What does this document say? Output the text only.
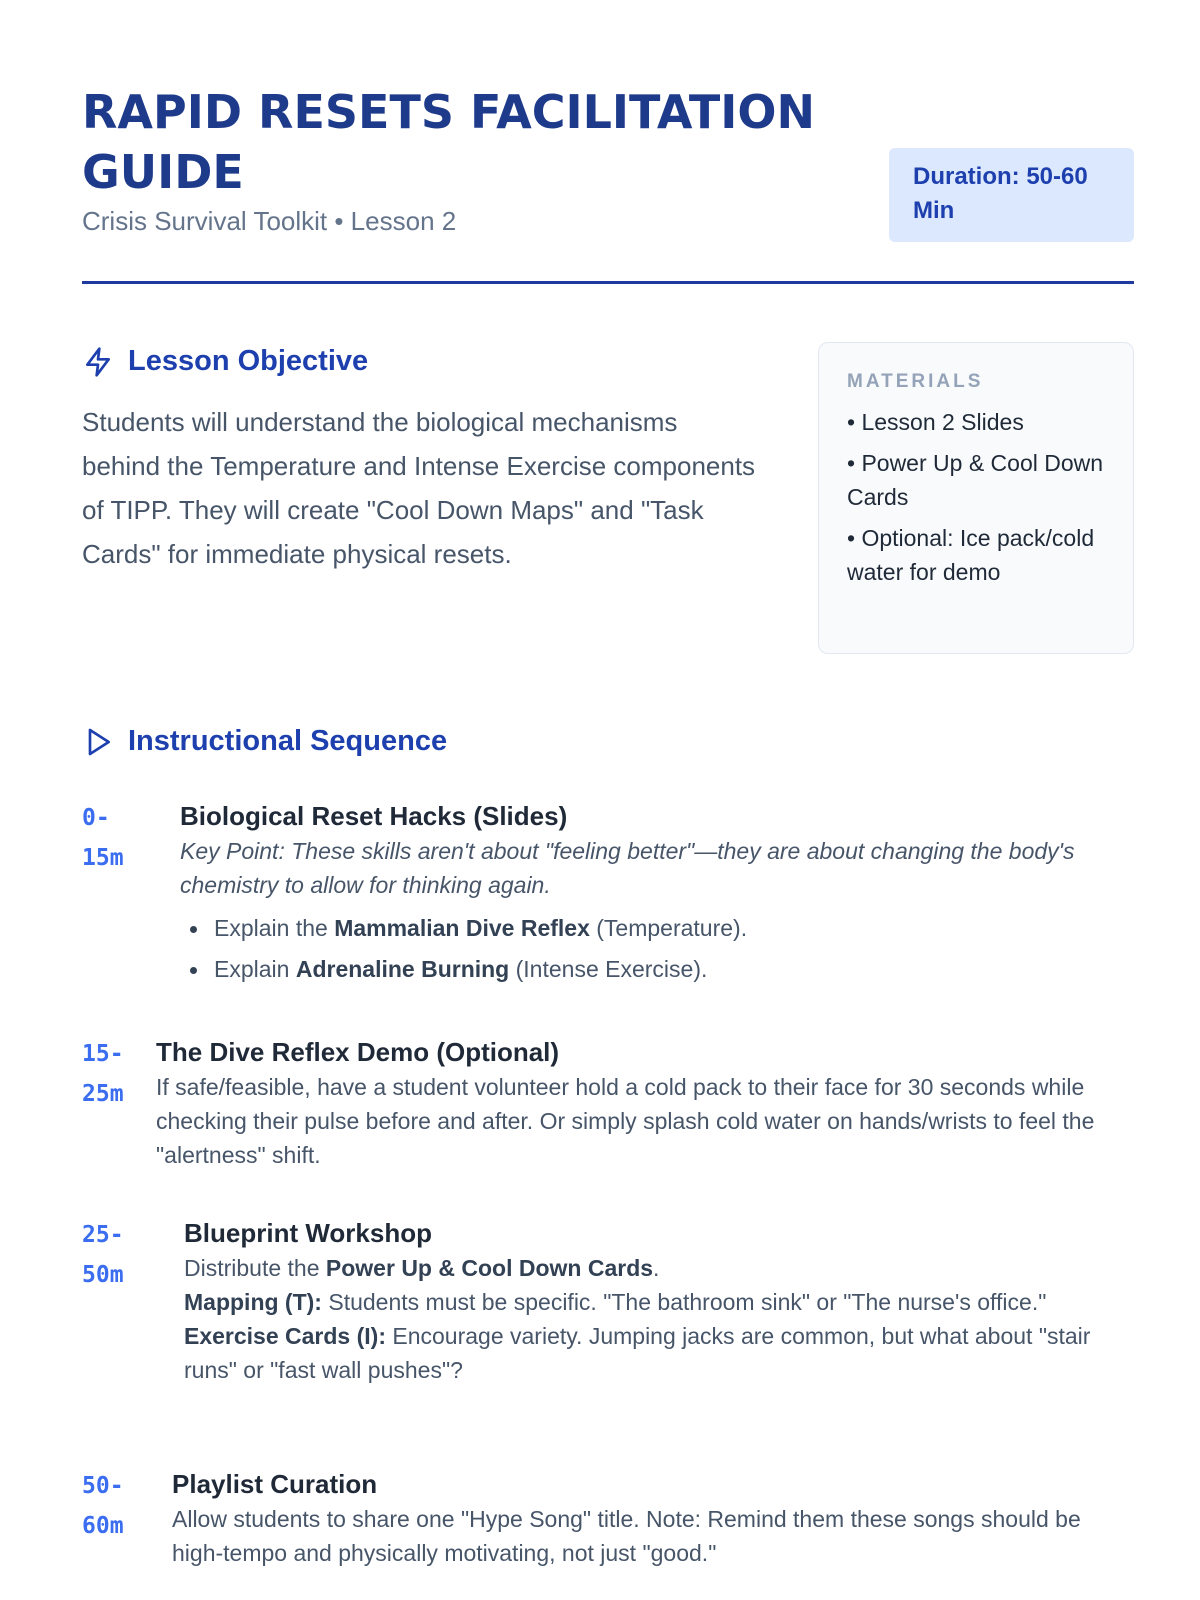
RAPID RESETS FACILITATION GUIDE
Crisis Survival Toolkit • Lesson 2
Duration: 50-60 Min
Lesson Objective
Students will understand the biological mechanisms behind the Temperature and Intense Exercise components of TIPP. They will create "Cool Down Maps" and "Task Cards" for immediate physical resets.
MATERIALS
• Lesson 2 Slides
• Power Up & Cool Down Cards
• Optional: Ice pack/cold water for demo
Instructional Sequence
0-15m
Biological Reset Hacks (Slides)
Key Point: These skills aren't about "feeling better"—they are about changing the body's chemistry to allow for thinking again.
Explain the Mammalian Dive Reflex (Temperature).
Explain Adrenaline Burning (Intense Exercise).
15-25m
The Dive Reflex Demo (Optional)
If safe/feasible, have a student volunteer hold a cold pack to their face for 30 seconds while checking their pulse before and after. Or simply splash cold water on hands/wrists to feel the "alertness" shift.
25-50m
Blueprint Workshop
Distribute the Power Up & Cool Down Cards.
Mapping (T): Students must be specific. "The bathroom sink" or "The nurse's office."
Exercise Cards (I): Encourage variety. Jumping jacks are common, but what about "stair runs" or "fast wall pushes"?
50-60m
Playlist Curation
Allow students to share one "Hype Song" title. Note: Remind them these songs should be high-tempo and physically motivating, not just "good."
